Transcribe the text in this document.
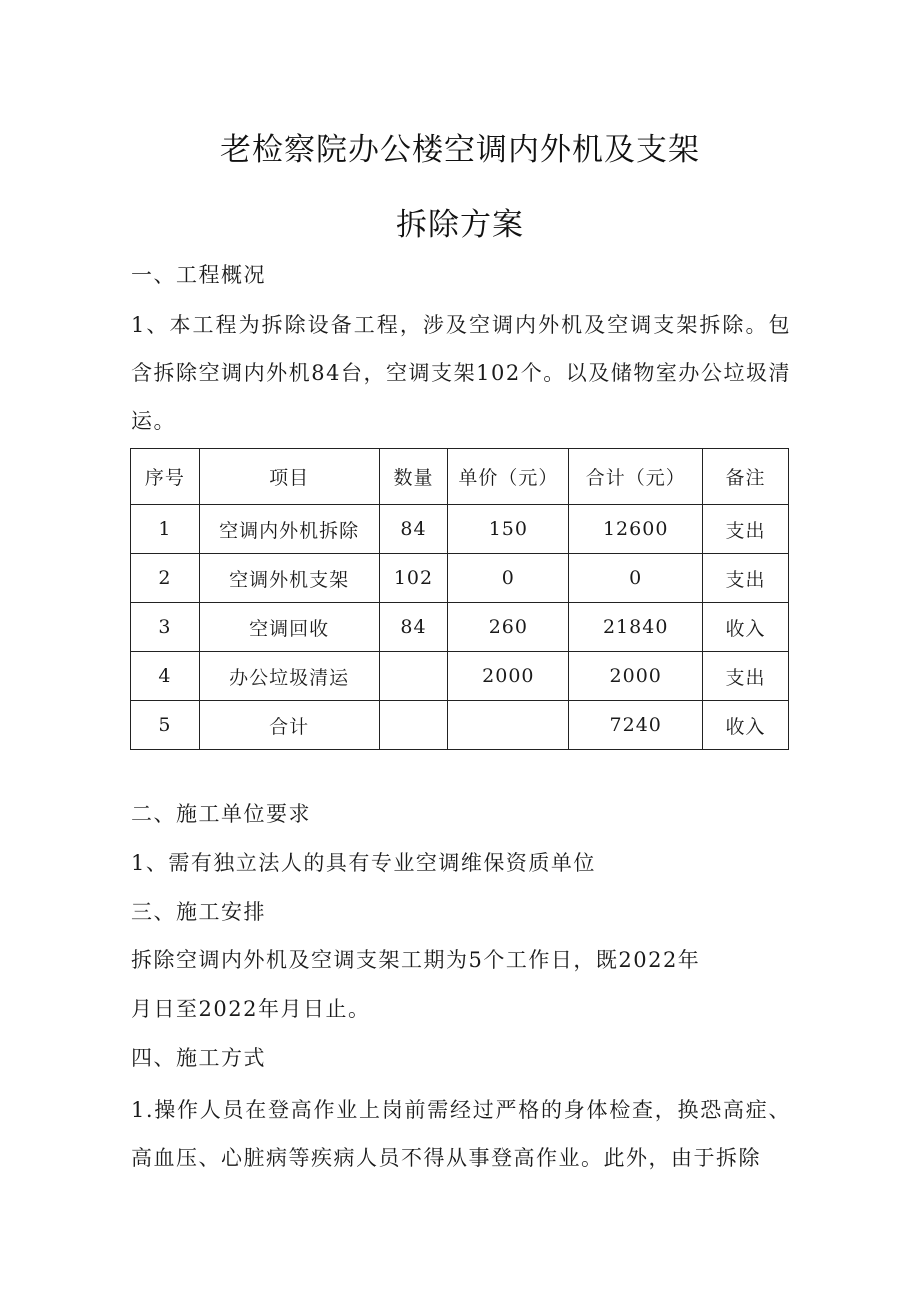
老检察院办公楼空调内外机及支架
拆除方案
一、工程概况
1、本工程为拆除设备工程，涉及空调内外机及空调支架拆除。包含拆除空调内外机84台，空调支架102个。以及储物室办公垃圾清运。
序号	项目	数量	单价（元）	合计（元）	备注
1	空调内外机拆除	84	150	12600	支出
2	空调外机支架	102	0	0	支出
3	空调回收	84	260	21840	收入
4	办公垃圾清运		2000	2000	支出
5	合计			7240	收入
二、施工单位要求
1、需有独立法人的具有专业空调维保资质单位
三、施工安排
拆除空调内外机及空调支架工期为5个工作日，既2022年
月日至2022年月日止。
四、施工方式
1.操作人员在登高作业上岗前需经过严格的身体检查，换恐高症、高血压、心脏病等疾病人员不得从事登高作业。此外，由于拆除
